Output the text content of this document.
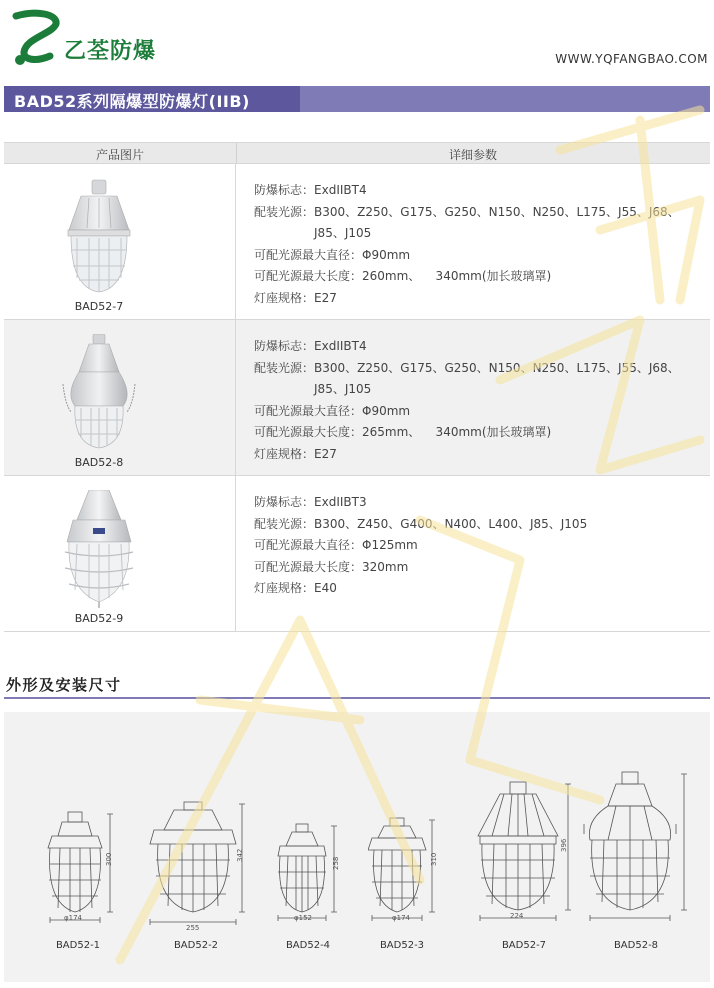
乙荃防爆	WWW.YQFANGBAO.COM
BAD52系列隔爆型防爆灯(IIB)
产品图片	详细参数
BAD52-7
防爆标志： ExdIIBT4
配装光源： B300、Z250、G175、G250、N150、N250、L175、J55、J68、
J85、J105
可配光源最大直径： Φ90mm
可配光源最大长度： 260mm、    340mm(加长玻璃罩)
灯座规格： E27
BAD52-8
防爆标志： ExdIIBT4
配装光源： B300、Z250、G175、G250、N150、N250、L175、J55、J68、
J85、J105
可配光源最大直径： Φ90mm
可配光源最大长度： 265mm、    340mm(加长玻璃罩)
灯座规格： E27
BAD52-9
防爆标志： ExdIIBT3
配装光源： B300、Z450、G400、N400、L400、J85、J105
可配光源最大直径： Φ125mm
可配光源最大长度： 320mm
灯座规格： E40
外形及安装尺寸
300
φ174
BAD52-1
342
255
BAD52-2
258
φ152
BAD52-4
310
φ174
BAD52-3
396
224
BAD52-7	BAD52-8
